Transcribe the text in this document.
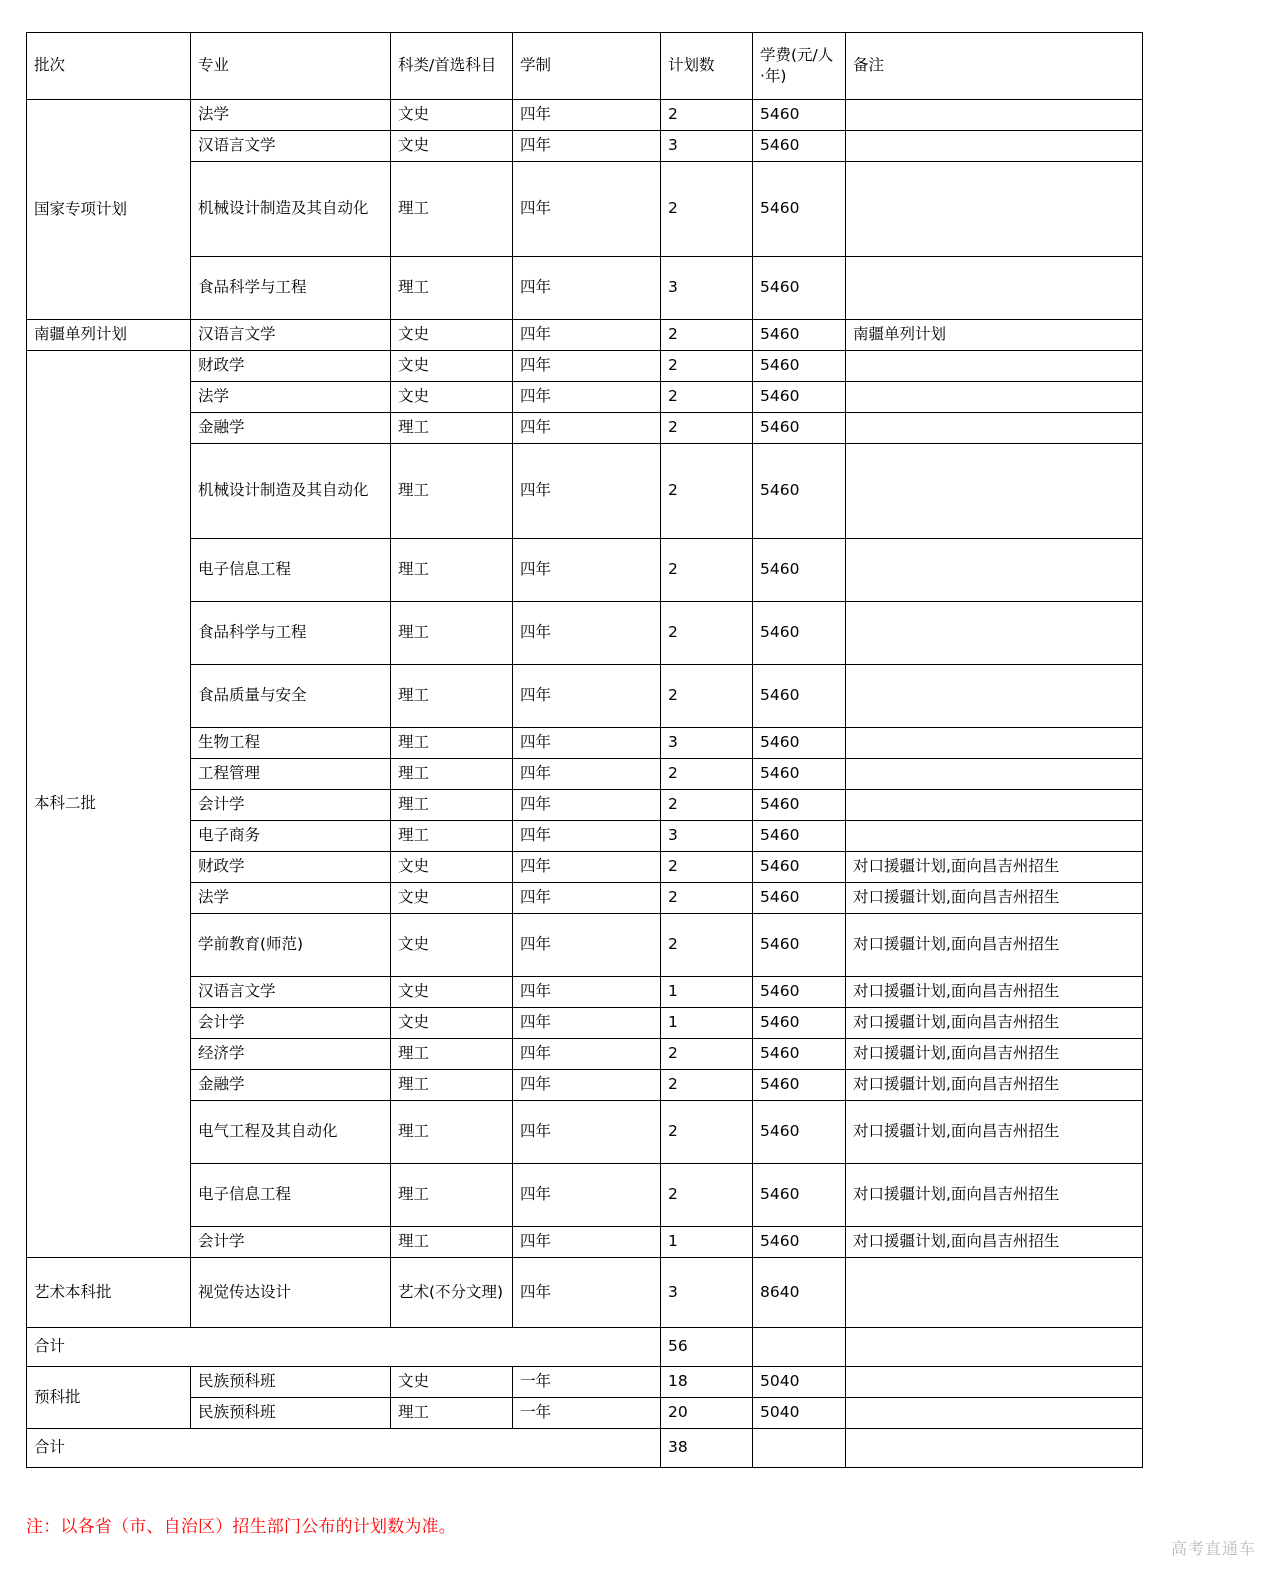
批次	专业	科类/首选科目	学制	计划数	学费(元/人·年)	备注
国家专项计划	法学	文史	四年	2	5460	
	汉语言文学	文史	四年	3	5460	
	机械设计制造及其自动化	理工	四年	2	5460	
	食品科学与工程	理工	四年	3	5460	
南疆单列计划	汉语言文学	文史	四年	2	5460	南疆单列计划
本科二批	财政学	文史	四年	2	5460	
	法学	文史	四年	2	5460	
	金融学	理工	四年	2	5460	
	机械设计制造及其自动化	理工	四年	2	5460	
	电子信息工程	理工	四年	2	5460	
	食品科学与工程	理工	四年	2	5460	
	食品质量与安全	理工	四年	2	5460	
	生物工程	理工	四年	3	5460	
	工程管理	理工	四年	2	5460	
	会计学	理工	四年	2	5460	
	电子商务	理工	四年	3	5460	
	财政学	文史	四年	2	5460	对口援疆计划,面向昌吉州招生
	法学	文史	四年	2	5460	对口援疆计划,面向昌吉州招生
	学前教育(师范)	文史	四年	2	5460	对口援疆计划,面向昌吉州招生
	汉语言文学	文史	四年	1	5460	对口援疆计划,面向昌吉州招生
	会计学	文史	四年	1	5460	对口援疆计划,面向昌吉州招生
	经济学	理工	四年	2	5460	对口援疆计划,面向昌吉州招生
	金融学	理工	四年	2	5460	对口援疆计划,面向昌吉州招生
	电气工程及其自动化	理工	四年	2	5460	对口援疆计划,面向昌吉州招生
	电子信息工程	理工	四年	2	5460	对口援疆计划,面向昌吉州招生
	会计学	理工	四年	1	5460	对口援疆计划,面向昌吉州招生
艺术本科批	视觉传达设计	艺术(不分文理)	四年	3	8640	
合计				56		
预科批	民族预科班	文史	一年	18	5040	
	民族预科班	理工	一年	20	5040	
合计				38		
注：以各省（市、自治区）招生部门公布的计划数为准。
高考直通车
